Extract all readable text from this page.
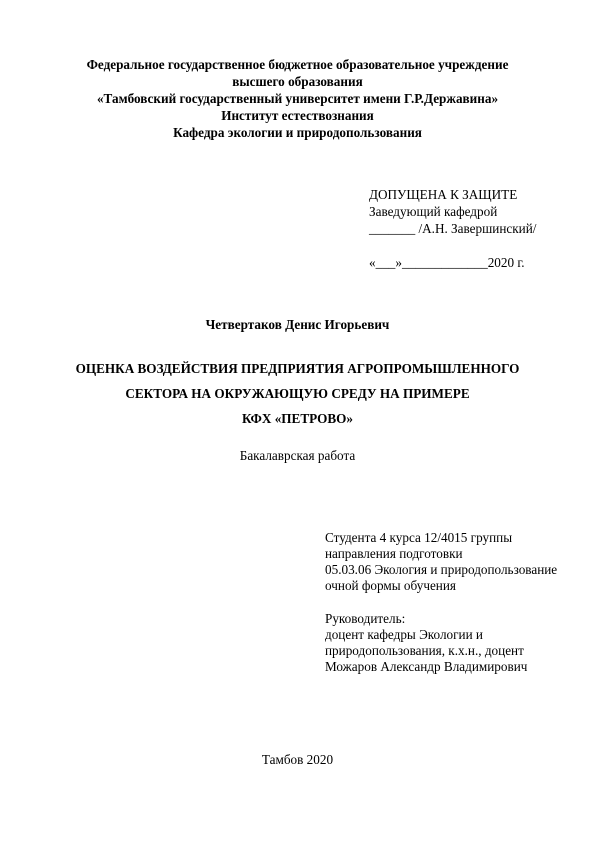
Федеральное государственное бюджетное образовательное учреждение
высшего образования
«Тамбовский государственный университет имени Г.Р.Державина»
Институт естествознания
Кафедра экологии и природопользования
ДОПУЩЕНА К ЗАЩИТЕ
Заведующий кафедрой
_______ /А.Н. Завершинский/
«___»_____________2020 г.
Четвертаков Денис Игорьевич
ОЦЕНКА ВОЗДЕЙСТВИЯ ПРЕДПРИЯТИЯ АГРОПРОМЫШЛЕННОГО
СЕКТОРА НА ОКРУЖАЮЩУЮ СРЕДУ НА ПРИМЕРЕ
КФХ «ПЕТРОВО»
Бакалаврская работа
Студента 4 курса 12/4015 группы
направления подготовки
05.03.06 Экология и природопользование
очной формы обучения
Руководитель:
доцент кафедры Экологии и
природопользования, к.х.н., доцент
Можаров Александр Владимирович
Тамбов 2020
